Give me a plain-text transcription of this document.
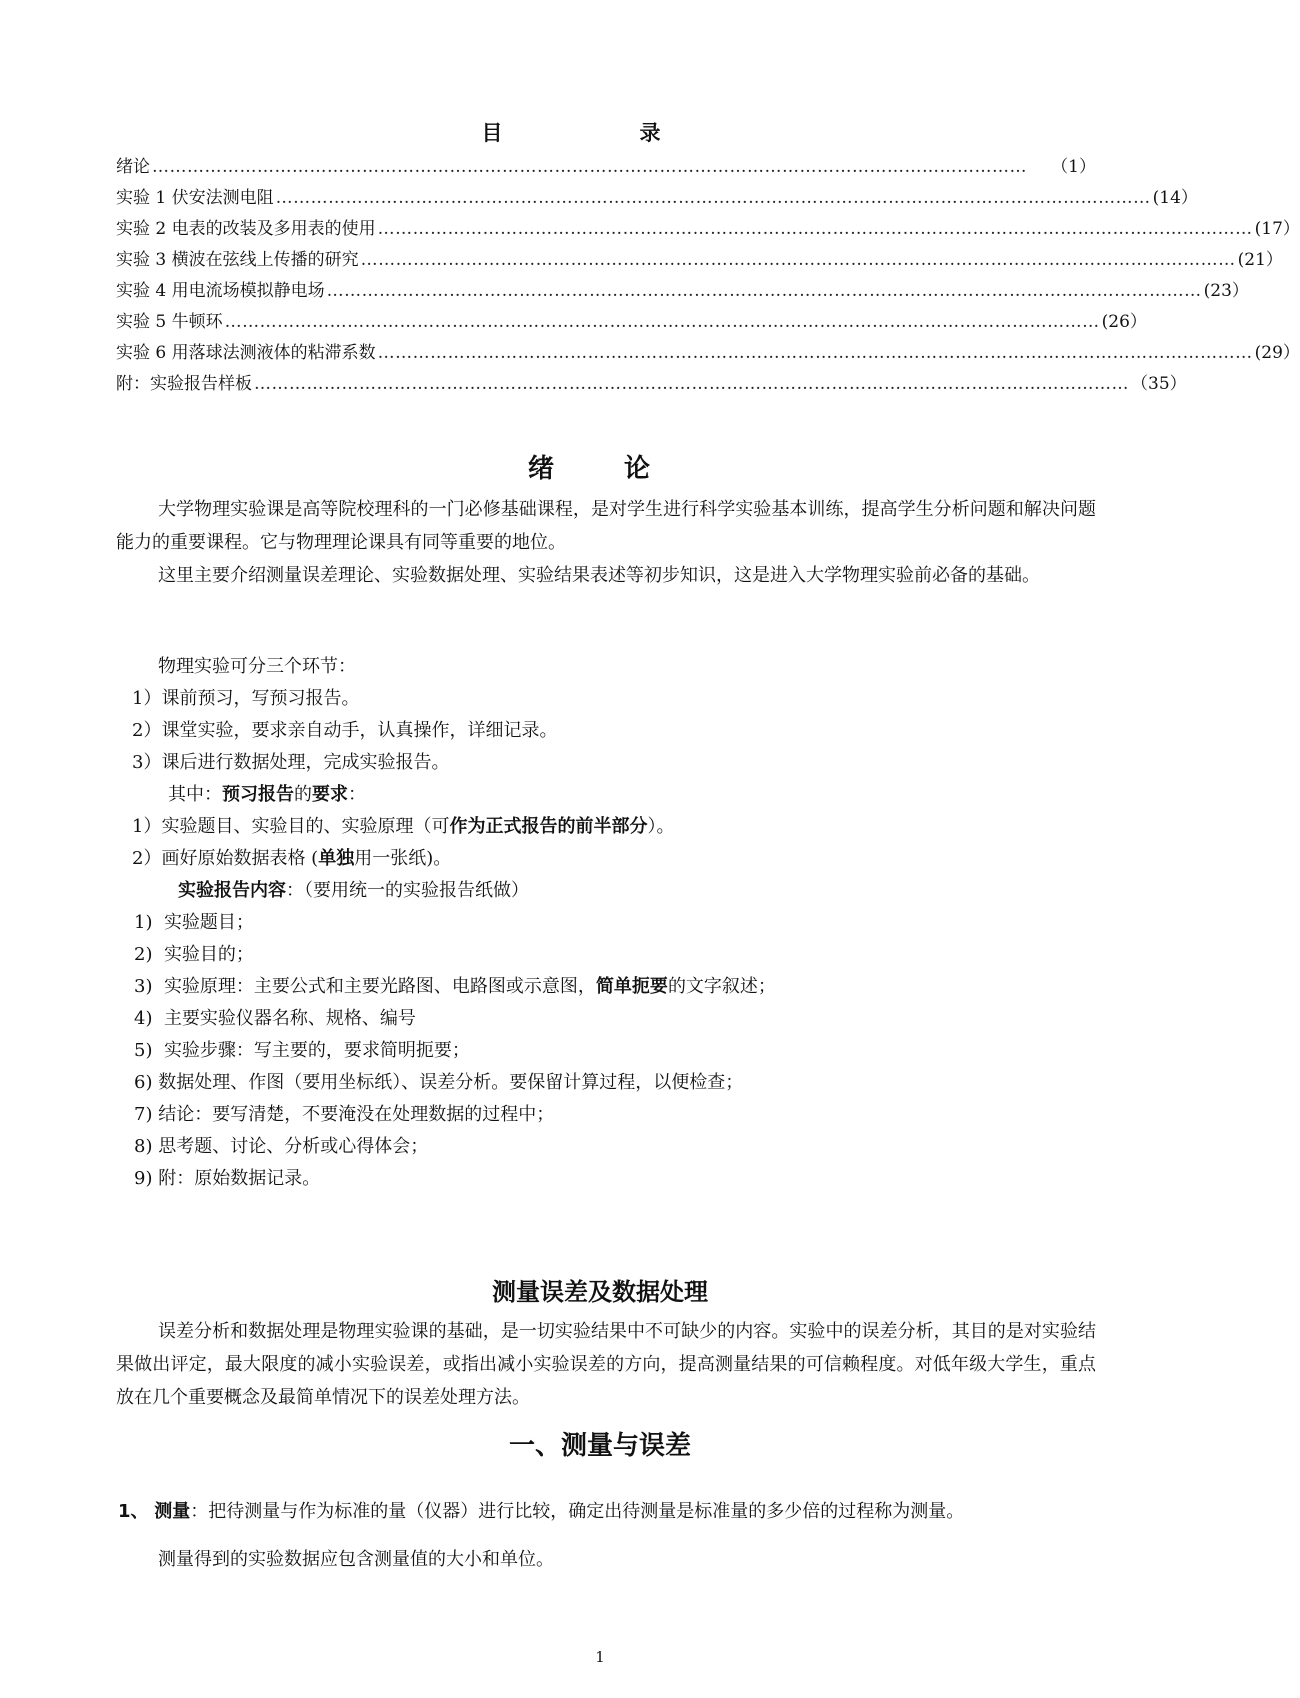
目　录
绪论 ……………………………………………………………………………………………………………………………………	（1）
实验 1 伏安法测电阻 …………………………………………………………………………………………………………………………………… (14）
实验 2 电表的改装及多用表的使用 …………………………………………………………………………………………………………………………………… (17）
实验 3 横波在弦线上传播的研究 …………………………………………………………………………………………………………………………………… (21）
实验 4 用电流场模拟静电场 …………………………………………………………………………………………………………………………………… (23）
实验 5 牛顿环 …………………………………………………………………………………………………………………………………… (26）
实验 6 用落球法测液体的粘滞系数 …………………………………………………………………………………………………………………………………… (29）
附：实验报告样板 …………………………………………………………………………………………………………………………………… （35）
绪　论

大学物理实验课是高等院校理科的一门必修基础课程，是对学生进行科学实验基本训练，提高学生分析问题和解决问题能力的重要课程。它与物理理论课具有同等重要的地位。

这里主要介绍测量误差理论、实验数据处理、实验结果表述等初步知识，这是进入大学物理实验前必备的基础。

物理实验可分三个环节：
1）课前预习，写预习报告。
2）课堂实验，要求亲自动手，认真操作，详细记录。
3）课后进行数据处理，完成实验报告。
其中：预习报告的要求：
1）实验题目、实验目的、实验原理（可作为正式报告的前半部分）。
2）画好原始数据表格 (单独用一张纸)。
实验报告内容：（要用统一的实验报告纸做）
1) 实验题目；
2) 实验目的；
3) 实验原理：主要公式和主要光路图、电路图或示意图，简单扼要的文字叙述；
4) 主要实验仪器名称、规格、编号
5) 实验步骤：写主要的，要求简明扼要；
6) 数据处理、作图（要用坐标纸）、误差分析。要保留计算过程，以便检查；
7) 结论：要写清楚，不要淹没在处理数据的过程中；
8) 思考题、讨论、分析或心得体会；
9) 附：原始数据记录。
测量误差及数据处理

误差分析和数据处理是物理实验课的基础，是一切实验结果中不可缺少的内容。实验中的误差分析，其目的是对实验结果做出评定，最大限度的减小实验误差，或指出减小实验误差的方向，提高测量结果的可信赖程度。对低年级大学生，重点放在几个重要概念及最简单情况下的误差处理方法。

一、测量与误差
1、 测量：把待测量与作为标准的量（仪器）进行比较，确定出待测量是标准量的多少倍的过程称为测量。
测量得到的实验数据应包含测量值的大小和单位。
1
